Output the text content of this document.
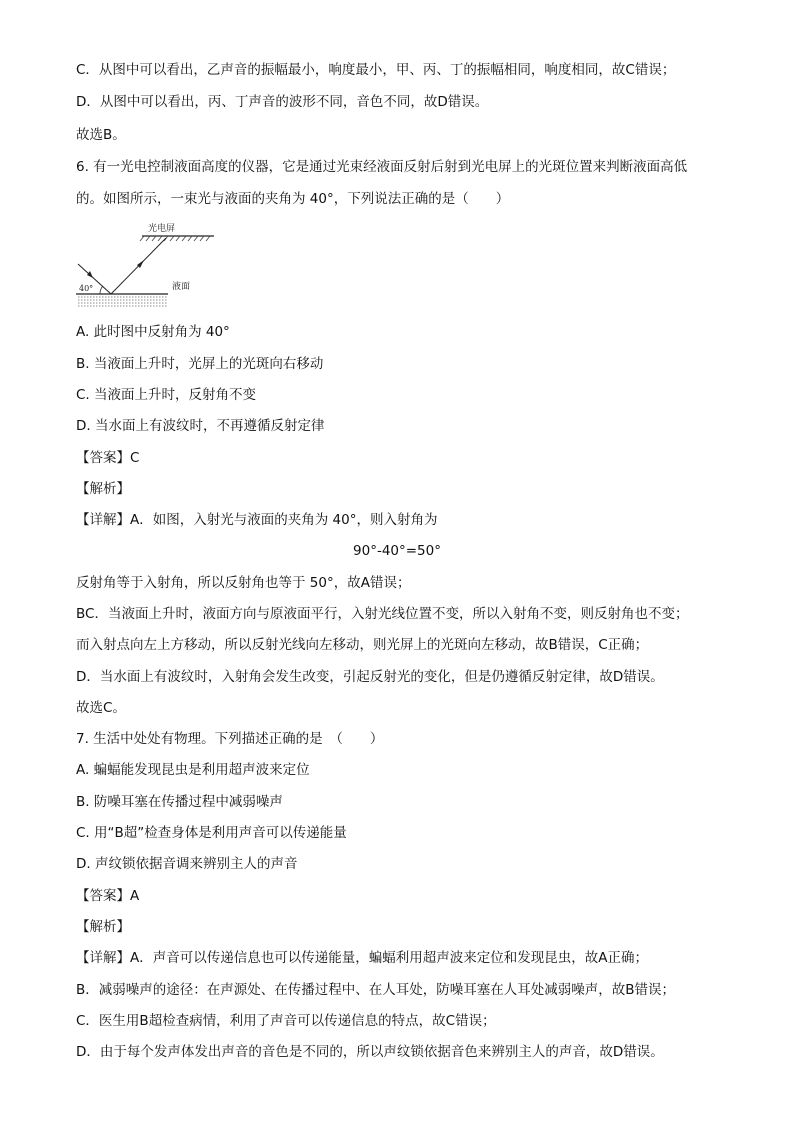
C．从图中可以看出，乙声音的振幅最小，响度最小，甲、丙、丁的振幅相同，响度相同，故C错误；
D．从图中可以看出，丙、丁声音的波形不同，音色不同，故D错误。
故选B。
6. 有一光电控制液面高度的仪器，它是通过光束经液面反射后射到光电屏上的光斑位置来判断液面高低
的。如图所示，一束光与液面的夹角为 40°，下列说法正确的是（　　）
光电屏
液面
40°
A. 此时图中反射角为 40°
B. 当液面上升时，光屏上的光斑向右移动
C. 当液面上升时，反射角不变
D. 当水面上有波纹时，不再遵循反射定律
【答案】C
【解析】
【详解】A．如图，入射光与液面的夹角为 40°，则入射角为
90°-40°=50°
反射角等于入射角，所以反射角也等于 50°，故A错误；
BC．当液面上升时，液面方向与原液面平行，入射光线位置不变，所以入射角不变，则反射角也不变；
而入射点向左上方移动，所以反射光线向左移动，则光屏上的光斑向左移动，故B错误，C正确；
D．当水面上有波纹时，入射角会发生改变，引起反射光的变化，但是仍遵循反射定律，故D错误。
故选C。
7. 生活中处处有物理。下列描述正确的是　（　　）
A. 蝙蝠能发现昆虫是利用超声波来定位
B. 防噪耳塞在传播过程中减弱噪声
C. 用“B超”检查身体是利用声音可以传递能量
D. 声纹锁依据音调来辨别主人的声音
【答案】A
【解析】
【详解】A．声音可以传递信息也可以传递能量，蝙蝠利用超声波来定位和发现昆虫，故A正确；
B．减弱噪声的途径：在声源处、在传播过程中、在人耳处，防噪耳塞在人耳处减弱噪声，故B错误；
C．医生用B超检查病情，利用了声音可以传递信息的特点，故C错误；
D．由于每个发声体发出声音的音色是不同的，所以声纹锁依据音色来辨别主人的声音，故D错误。
